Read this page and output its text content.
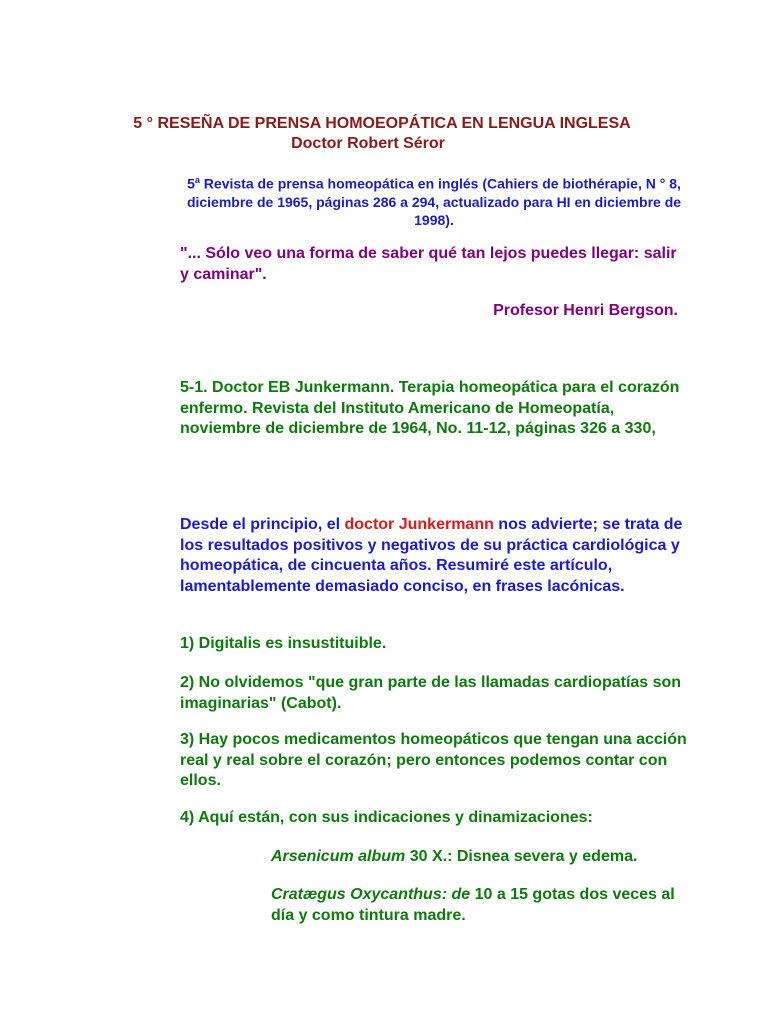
5 ° RESEÑA DE PRENSA HOMOEOPÁTICA EN LENGUA INGLESA
Doctor Robert Séror
5$^a$ Revista de prensa homeopática en inglés (Cahiers de biothérapie, N ° 8, diciembre de 1965, páginas 286 a 294, actualizado para HI en diciembre de 1998).
"... Sólo veo una forma de saber qué tan lejos puedes llegar: salir y caminar".
Profesor Henri Bergson.
5-1. Doctor EB Junkermann. Terapia homeopática para el corazón enfermo. Revista del Instituto Americano de Homeopatía, noviembre de diciembre de 1964, No. 11-12, páginas 326 a 330,
Desde el principio, el doctor Junkermann nos advierte; se trata de los resultados positivos y negativos de su práctica cardiológica y homeopática, de cincuenta años. Resumiré este artículo, lamentablemente demasiado conciso, en frases lacónicas.
1) Digitalis es insustituible.
2) No olvidemos "que gran parte de las llamadas cardiopatías son imaginarias" (Cabot).
3) Hay pocos medicamentos homeopáticos que tengan una acción real y real sobre el corazón; pero entonces podemos contar con ellos.
4) Aquí están, con sus indicaciones y dinamizaciones:
Arsenicum album 30 X.: Disnea severa y edema.
Cratægus Oxycanthus: de 10 a 15 gotas dos veces al día y como tintura madre.
